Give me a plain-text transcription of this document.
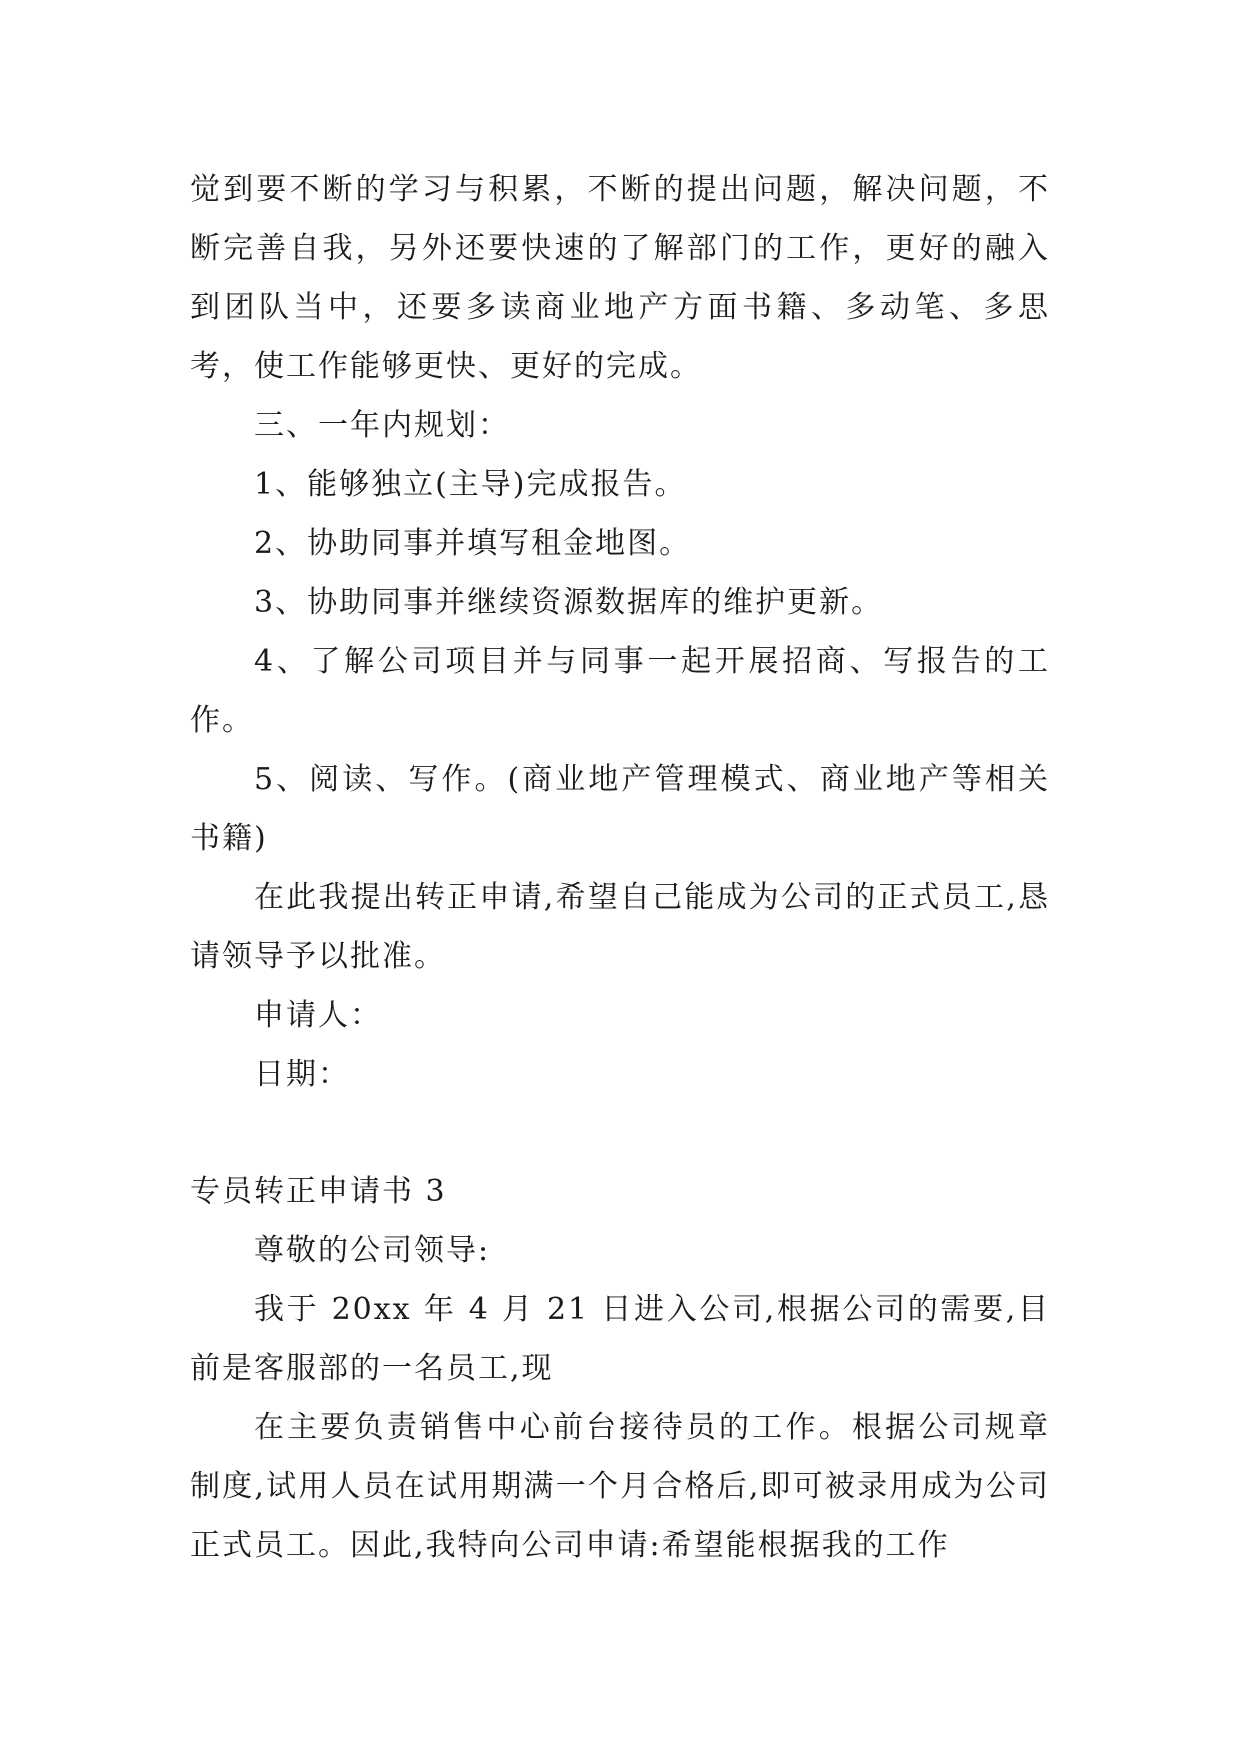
觉到要不断的学习与积累，不断的提出问题，解决问题，不断完善自我，另外还要快速的了解部门的工作，更好的融入到团队当中，还要多读商业地产方面书籍、多动笔、多思考，使工作能够更快、更好的完成。

三、一年内规划：

1、能够独立(主导)完成报告。

2、协助同事并填写租金地图。

3、协助同事并继续资源数据库的维护更新。

4、了解公司项目并与同事一起开展招商、写报告的工作。

5、阅读、写作。(商业地产管理模式、商业地产等相关书籍)

在此我提出转正申请,希望自己能成为公司的正式员工,恳请领导予以批准。

申请人：

日期：

专员转正申请书 3

尊敬的公司领导:

我于 20xx 年 4 月 21 日进入公司,根据公司的需要,目前是客服部的一名员工,现

在主要负责销售中心前台接待员的工作。根据公司规章制度,试用人员在试用期满一个月合格后,即可被录用成为公司正式员工。因此,我特向公司申请:希望能根据我的工作
